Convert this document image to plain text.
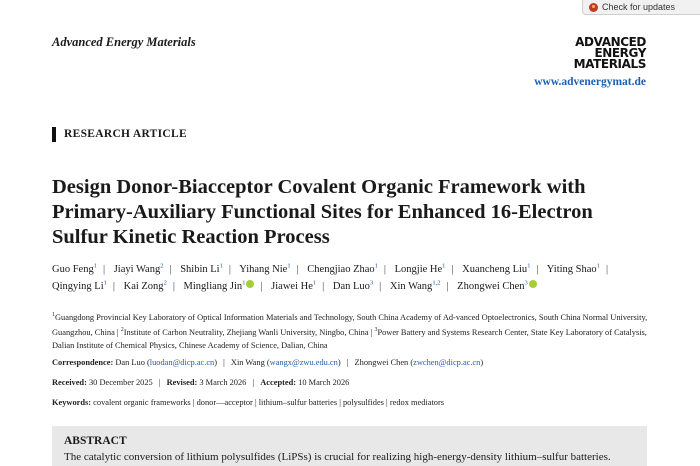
Check for updates
Advanced Energy Materials	ADVANCED
ENERGY
MATERIALS
www.advenergymat.de
RESEARCH ARTICLE
Design Donor-Biacceptor Covalent Organic Framework with Primary-Auxiliary Functional Sites for Enhanced 16-Electron Sulfur Kinetic Reaction Process
Guo Feng$^1$ | Jiayi Wang$^2$ | Shibin Li$^1$ | Yihang Nie$^1$ | Chengjiao Zhao$^1$ | Longjie He$^1$ | Xuancheng Liu$^1$ | Yiting Shao$^1$ | Qingying Li$^1$ | Kai Zong$^2$ | Mingliang Jin$^1$ | Jiawei He$^1$ | Dan Luo$^3$ | Xin Wang$^{1,2}$ | Zhongwei Chen$^3$
$^1$Guangdong Provincial Key Laboratory of Optical Information Materials and Technology, South China Academy of Ad-vanced Optoelectronics, South China Normal University, Guangzhou, China | $^2$Institute of Carbon Neutrality, Zhejiang Wanli University, Ningbo, China | $^3$Power Battery and Systems Research Center, State Key Laboratory of Catalysis, Dalian Institute of Chemical Physics, Chinese Academy of Science, Dalian, China
Correspondence: Dan Luo (luodan@dicp.ac.cn) | Xin Wang (wangx@zwu.edu.cn) | Zhongwei Chen (zwchen@dicp.ac.cn)
Received: 30 December 2025 | Revised: 3 March 2026 | Accepted: 10 March 2026
Keywords: covalent organic frameworks | donor—acceptor | lithium–sulfur batteries | polysulfides | redox mediators
ABSTRACT

The catalytic conversion of lithium polysulfides (LiPSs) is crucial for realizing high-energy-density lithium–sulfur batteries.
